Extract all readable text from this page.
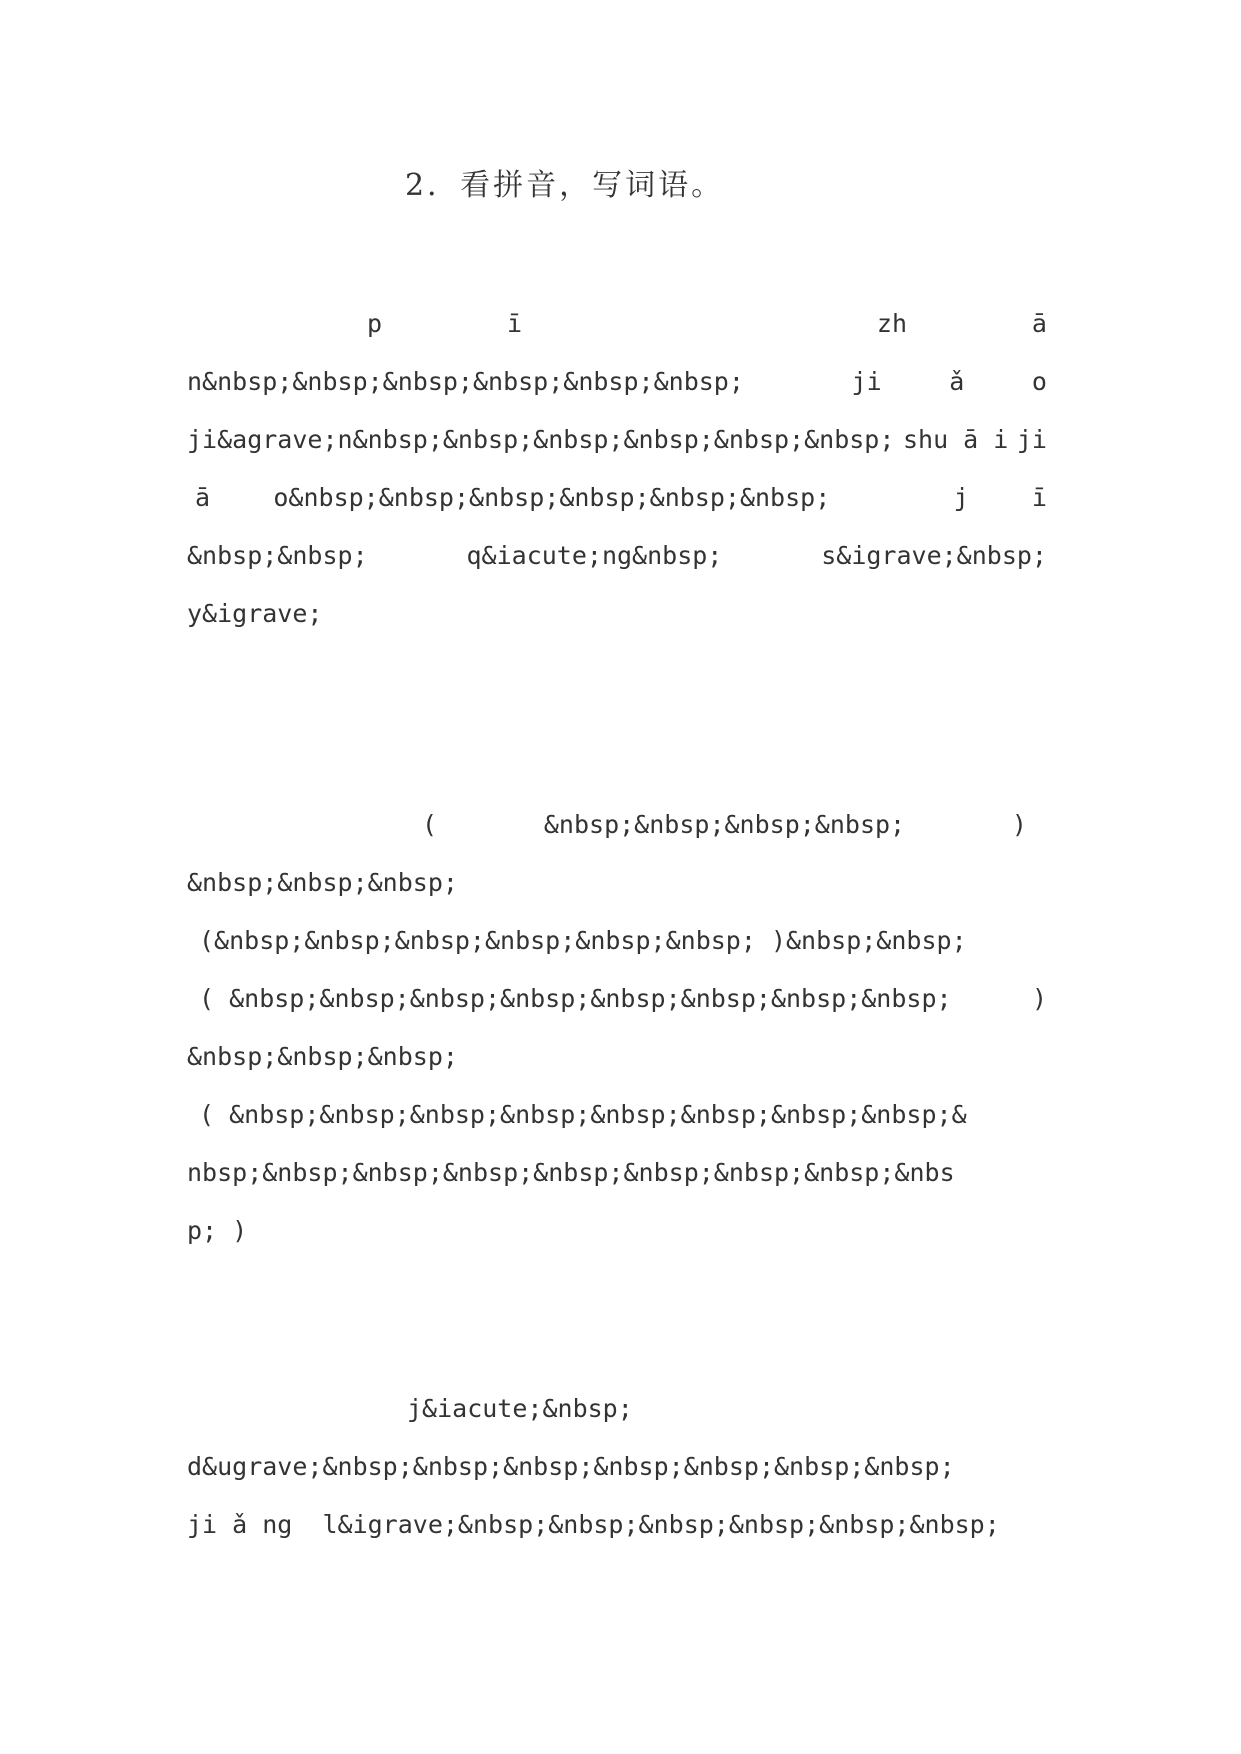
2．看拼音，写词语。
p	ī	zh	ā
n&nbsp;&nbsp;&nbsp;&nbsp;&nbsp;&nbsp;	ji	ǎ	o
ji&agrave;n&nbsp;&nbsp;&nbsp;&nbsp;&nbsp;&nbsp; shu ā i ji
ā	o&nbsp;&nbsp;&nbsp;&nbsp;&nbsp;&nbsp;	j	ī
&nbsp;&nbsp;	q&iacute;ng&nbsp;	s&igrave;&nbsp;
y&igrave;
(	&nbsp;&nbsp;&nbsp;&nbsp;	)
&nbsp;&nbsp;&nbsp;
(&nbsp;&nbsp;&nbsp;&nbsp;&nbsp;&nbsp; )&nbsp;&nbsp;
( &nbsp;&nbsp;&nbsp;&nbsp;&nbsp;&nbsp;&nbsp;&nbsp;	)
&nbsp;&nbsp;&nbsp;
( &nbsp;&nbsp;&nbsp;&nbsp;&nbsp;&nbsp;&nbsp;&nbsp;&
nbsp;&nbsp;&nbsp;&nbsp;&nbsp;&nbsp;&nbsp;&nbsp;&nbs
p; )
j&iacute;&nbsp;
d&ugrave;&nbsp;&nbsp;&nbsp;&nbsp;&nbsp;&nbsp;&nbsp;
ji ǎ ng  l&igrave;&nbsp;&nbsp;&nbsp;&nbsp;&nbsp;&nbsp;
